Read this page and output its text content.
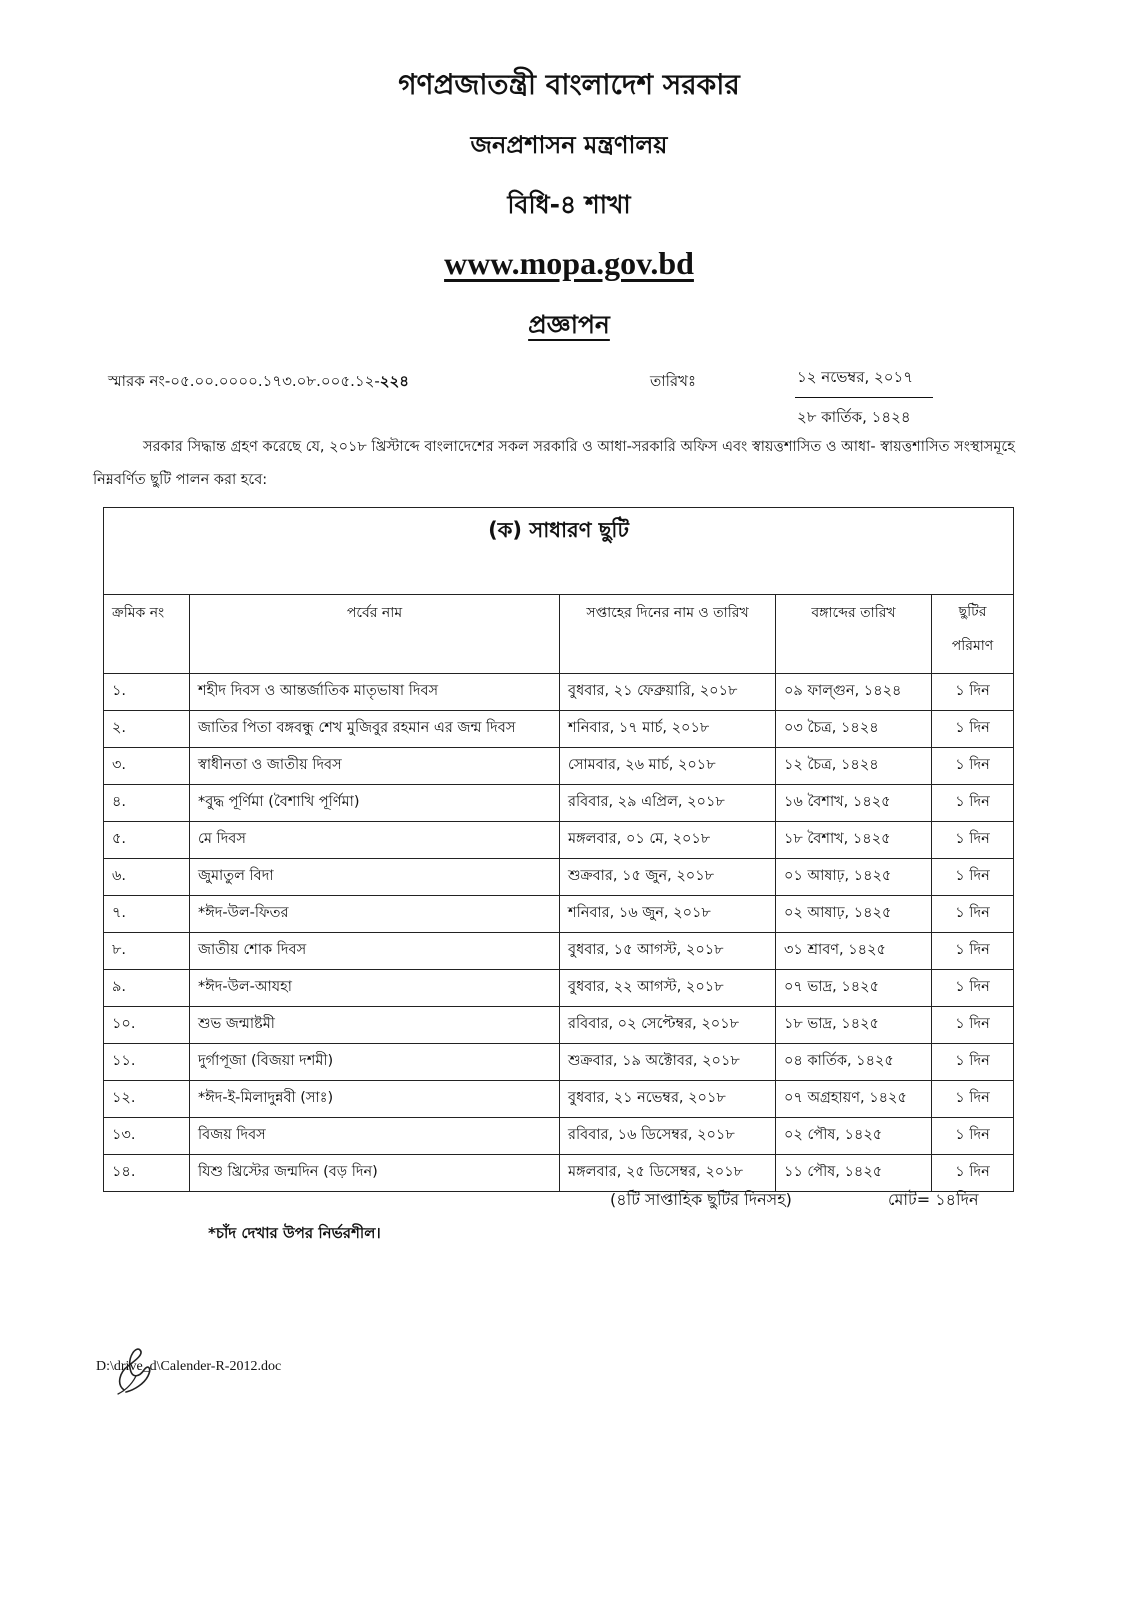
গণপ্রজাতন্ত্রী বাংলাদেশ সরকার
জনপ্রশাসন মন্ত্রণালয়
বিধি-৪ শাখা
www.mopa.gov.bd
প্রজ্ঞাপন
স্মারক নং-০৫.০০.০০০০.১৭৩.০৮.০০৫.১২-২২৪	তারিখঃ	১২ নভেম্বর, ২০১৭
২৮ কার্তিক, ১৪২৪
সরকার সিদ্ধান্ত গ্রহণ করেছে যে, ২০১৮ খ্রিস্টাব্দে বাংলাদেশের সকল সরকারি ও আধা-সরকারি অফিস এবং স্বায়ত্তশাসিত ও আধা- স্বায়ত্তশাসিত সংস্থাসমূহে নিম্নবর্ণিত ছুটি পালন করা হবে:
(ক) সাধারণ ছুটি				
ক্রমিক নং	পর্বের নাম	সপ্তাহের দিনের নাম ও তারিখ	বঙ্গাব্দের তারিখ	ছুটির
পরিমাণ
১.	শহীদ দিবস ও আন্তর্জাতিক মাতৃভাষা দিবস	বুধবার, ২১ ফেব্রুয়ারি, ২০১৮	০৯ ফাল্গুন, ১৪২৪	১ দিন
২.	জাতির পিতা বঙ্গবন্ধু শেখ মুজিবুর রহমান এর জন্ম দিবস	শনিবার, ১৭ মার্চ, ২০১৮	০৩ চৈত্র, ১৪২৪	১ দিন
৩.	স্বাধীনতা ও জাতীয় দিবস	সোমবার, ২৬ মার্চ, ২০১৮	১২ চৈত্র, ১৪২৪	১ দিন
৪.	*বুদ্ধ পূর্ণিমা (বৈশাখি পূর্ণিমা)	রবিবার, ২৯ এপ্রিল, ২০১৮	১৬ বৈশাখ, ১৪২৫	১ দিন
৫.	মে দিবস	মঙ্গলবার, ০১ মে, ২০১৮	১৮ বৈশাখ, ১৪২৫	১ দিন
৬.	জুমাতুল বিদা	শুক্রবার, ১৫ জুন, ২০১৮	০১ আষাঢ়, ১৪২৫	১ দিন
৭.	*ঈদ-উল-ফিতর	শনিবার, ১৬ জুন, ২০১৮	০২ আষাঢ়, ১৪২৫	১ দিন
৮.	জাতীয় শোক দিবস	বুধবার, ১৫ আগস্ট, ২০১৮	৩১ শ্রাবণ, ১৪২৫	১ দিন
৯.	*ঈদ-উল-আযহা	বুধবার, ২২ আগস্ট, ২০১৮	০৭ ভাদ্র, ১৪২৫	১ দিন
১০.	শুভ জন্মাষ্টমী	রবিবার, ০২ সেপ্টেম্বর, ২০১৮	১৮ ভাদ্র, ১৪২৫	১ দিন
১১.	দুর্গাপূজা (বিজয়া দশমী)	শুক্রবার, ১৯ অক্টোবর, ২০১৮	০৪ কার্তিক, ১৪২৫	১ দিন
১২.	*ঈদ-ই-মিলাদুন্নবী (সাঃ)	বুধবার, ২১ নভেম্বর, ২০১৮	০৭ অগ্রহায়ণ, ১৪২৫	১ দিন
১৩.	বিজয় দিবস	রবিবার, ১৬ ডিসেম্বর, ২০১৮	০২ পৌষ, ১৪২৫	১ দিন
১৪.	যিশু খ্রিস্টের জন্মদিন (বড় দিন)	মঙ্গলবার, ২৫ ডিসেম্বর, ২০১৮	১১ পৌষ, ১৪২৫	১ দিন
(৪টি সাপ্তাহিক ছুটির দিনসহ)	মোট= ১৪দিন
*চাঁদ দেখার উপর নির্ভরশীল।
D:\drive_d\Calender-R-2012.doc
